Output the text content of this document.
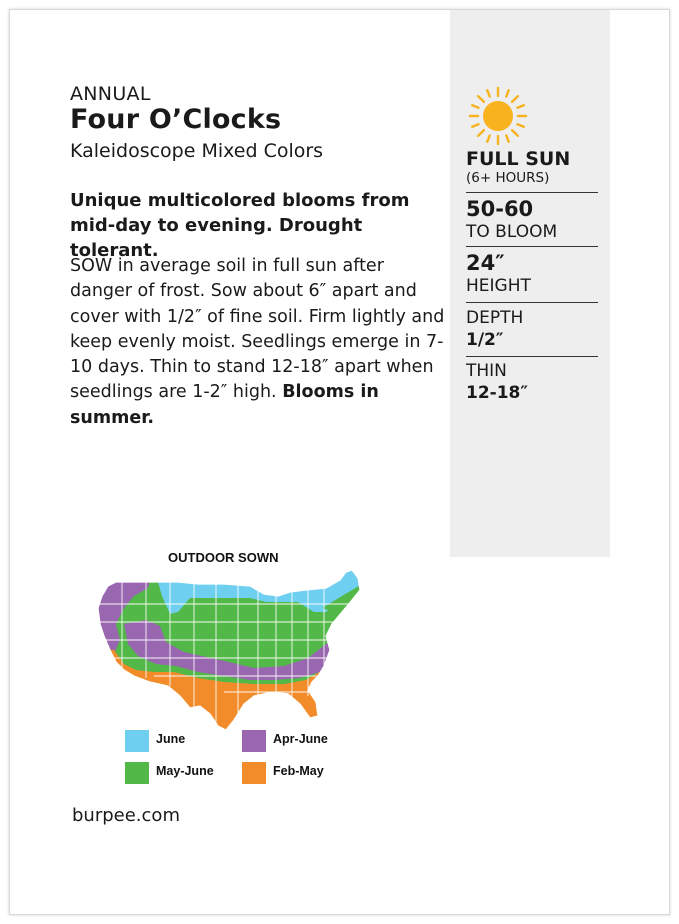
ANNUAL
Four O’Clocks
Kaleidoscope Mixed Colors
Unique multicolored blooms from mid-day to evening. Drought tolerant.
SOW in average soil in full sun after danger of frost. Sow about 6″ apart and cover with 1/2″ of fine soil. Firm lightly and keep evenly moist. Seedlings emerge in 7-10 days. Thin to stand 12-18″ apart when seedlings are 1-2″ high. Blooms in summer.
FULL SUN
(6+ HOURS)
50-60
TO BLOOM
24″
HEIGHT
DEPTH
1/2″
THIN
12-18″
OUTDOOR SOWN
June	Apr-June
May-June	Feb-May
burpee.com
